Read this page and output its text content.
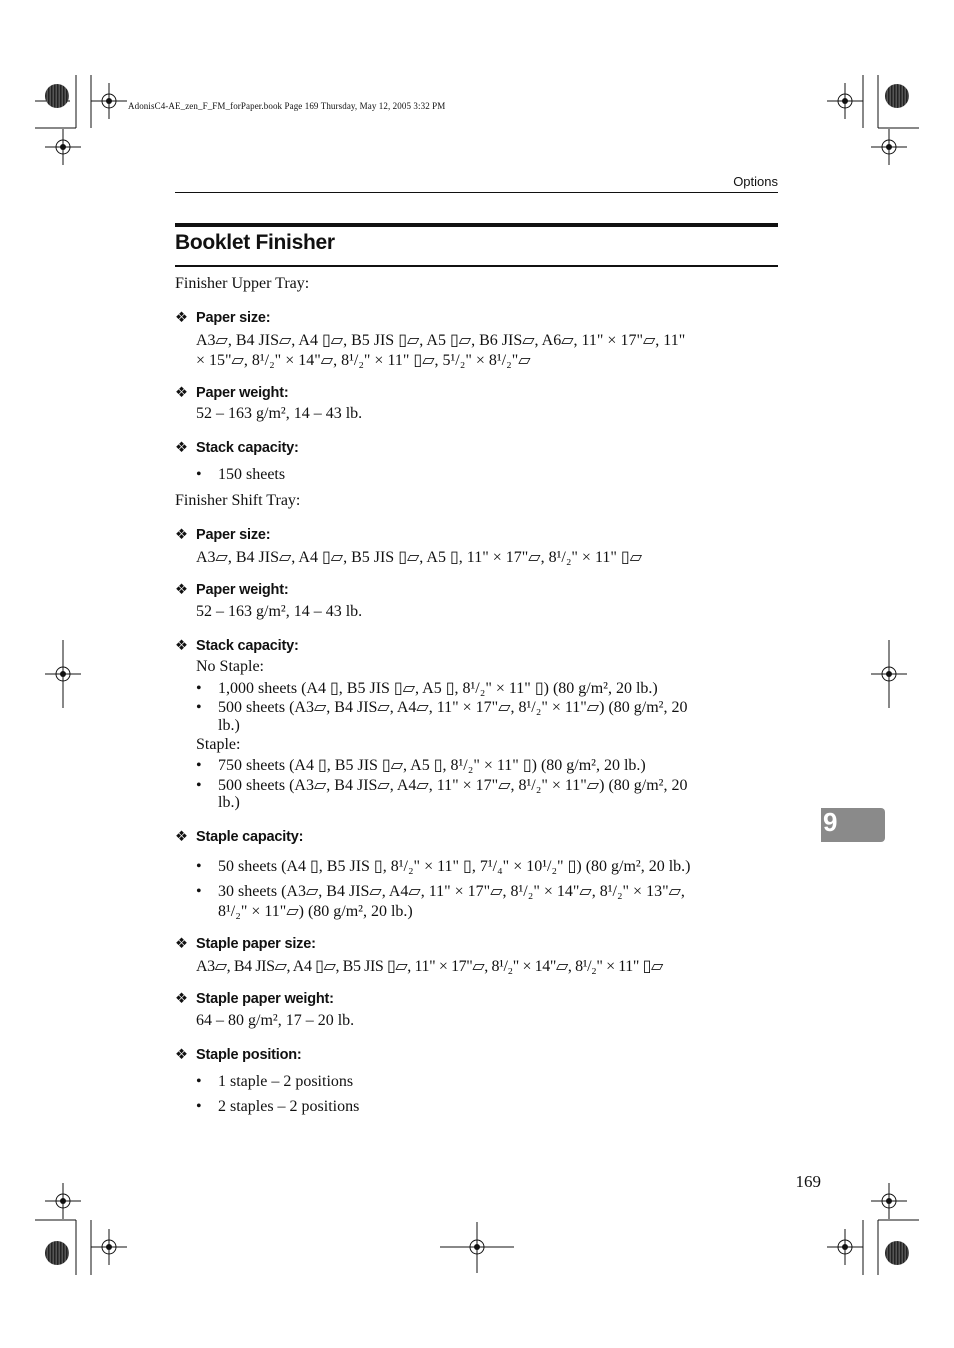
AdonisC4-AE_zen_F_FM_forPaper.book Page 169 Thursday, May 12, 2005 3:32 PM
Options
Booklet Finisher
Finisher Upper Tray:
❖ Paper size:
A3▱, B4 JIS▱, A4 ▯▱, B5 JIS ▯▱, A5 ▯▱, B6 JIS▱, A6▱, 11" × 17"▱, 11"
× 15"▱, 8¹/₂" × 14"▱, 8¹/₂" × 11" ▯▱, 5¹/₂" × 8¹/₂"▱
❖ Paper weight:
52 – 163 g/m², 14 – 43 lb.
❖ Stack capacity:
• 150 sheets
Finisher Shift Tray:
❖ Paper size:
A3▱, B4 JIS▱, A4 ▯▱, B5 JIS ▯▱, A5 ▯, 11" × 17"▱, 8¹/₂" × 11" ▯▱
❖ Paper weight:
52 – 163 g/m², 14 – 43 lb.
❖ Stack capacity:
No Staple:
• 1,000 sheets (A4 ▯, B5 JIS ▯▱, A5 ▯, 8¹/₂" × 11" ▯) (80 g/m², 20 lb.)
• 500 sheets (A3▱, B4 JIS▱, A4▱, 11" × 17"▱, 8¹/₂" × 11"▱) (80 g/m², 20
lb.)
Staple:
• 750 sheets (A4 ▯, B5 JIS ▯▱, A5 ▯, 8¹/₂" × 11" ▯) (80 g/m², 20 lb.)
• 500 sheets (A3▱, B4 JIS▱, A4▱, 11" × 17"▱, 8¹/₂" × 11"▱) (80 g/m², 20
lb.)
❖ Staple capacity:
• 50 sheets (A4 ▯, B5 JIS ▯, 8¹/₂" × 11" ▯, 7¹/₄" × 10¹/₂" ▯) (80 g/m², 20 lb.)
• 30 sheets (A3▱, B4 JIS▱, A4▱, 11" × 17"▱, 8¹/₂" × 14"▱, 8¹/₂" × 13"▱,
8¹/₂" × 11"▱) (80 g/m², 20 lb.)
❖ Staple paper size:
A3▱, B4 JIS▱, A4 ▯▱, B5 JIS ▯▱, 11" × 17"▱, 8¹/₂" × 14"▱, 8¹/₂" × 11" ▯▱
❖ Staple paper weight:
64 – 80 g/m², 17 – 20 lb.
❖ Staple position:
• 1 staple – 2 positions
• 2 staples – 2 positions
9
169
